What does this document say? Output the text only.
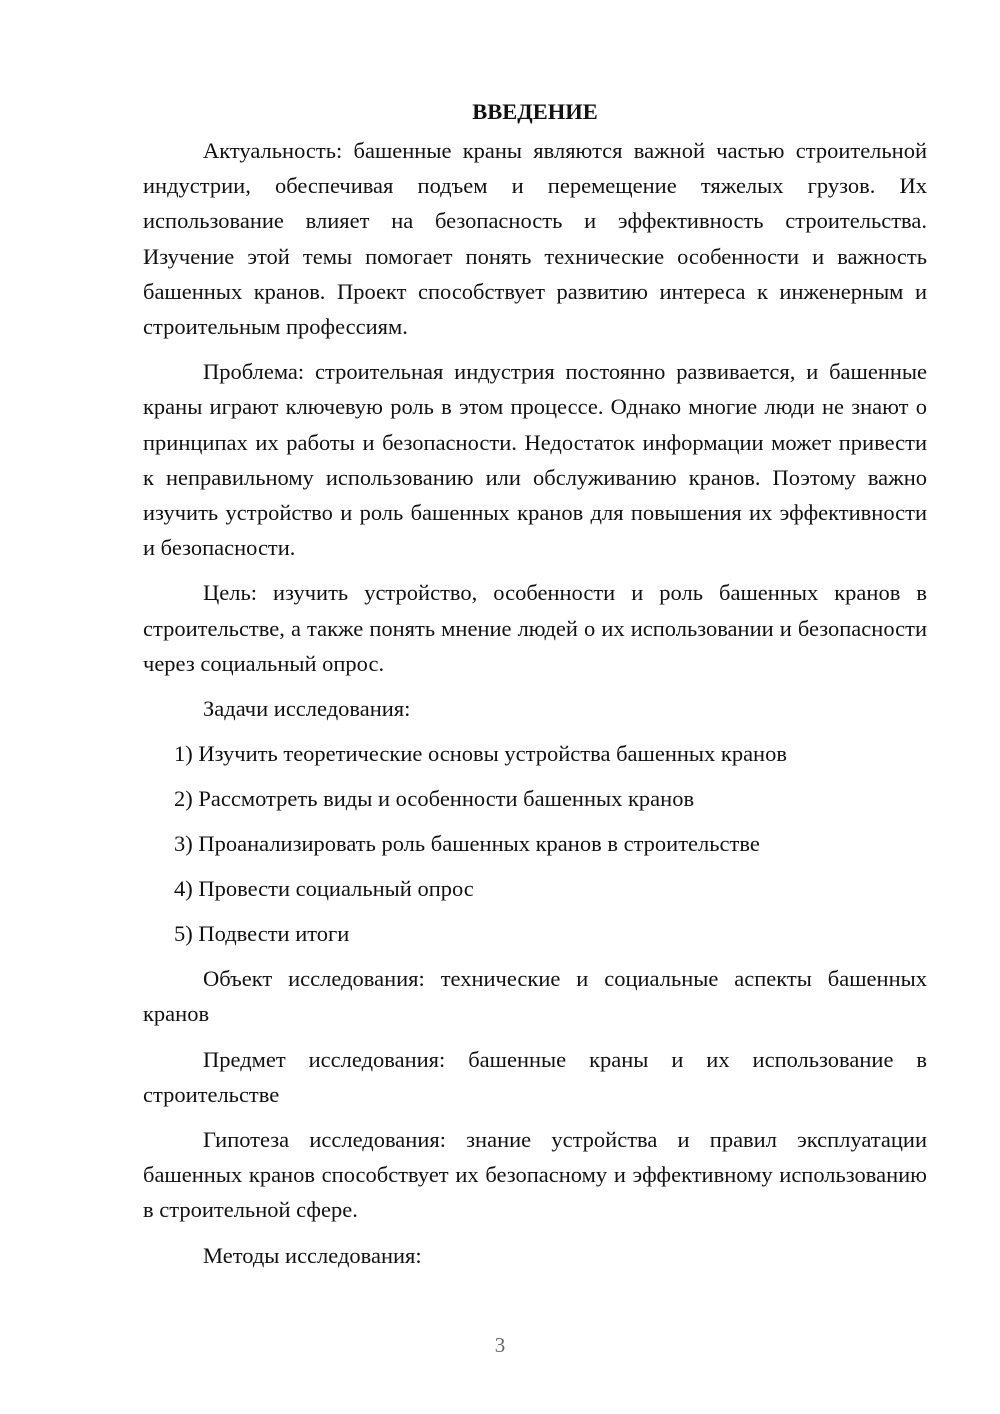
ВВЕДЕНИЕ

Актуальность: башенные краны являются важной частью строительной индустрии, обеспечивая подъем и перемещение тяжелых грузов. Их использование влияет на безопасность и эффективность строительства. Изучение этой темы помогает понять технические особенности и важность башенных кранов. Проект способствует развитию интереса к инженерным и строительным профессиям.

Проблема: строительная индустрия постоянно развивается, и башенные краны играют ключевую роль в этом процессе. Однако многие люди не знают о принципах их работы и безопасности. Недостаток информации может привести к неправильному использованию или обслуживанию кранов. Поэтому важно изучить устройство и роль башенных кранов для повышения их эффективности и безопасности.

Цель: изучить устройство, особенности и роль башенных кранов в строительстве, а также понять мнение людей о их использовании и безопасности через социальный опрос.

Задачи исследования:

1) Изучить теоретические основы устройства башенных кранов
2) Рассмотреть виды и особенности башенных кранов
3) Проанализировать роль башенных кранов в строительстве
4) Провести социальный опрос
5) Подвести итоги

Объект исследования: технические и социальные аспекты башенных кранов

Предмет исследования: башенные краны и их использование в строительстве

Гипотеза исследования: знание устройства и правил эксплуатации башенных кранов способствует их безопасному и эффективному использованию в строительной сфере.

Методы исследования:

3
